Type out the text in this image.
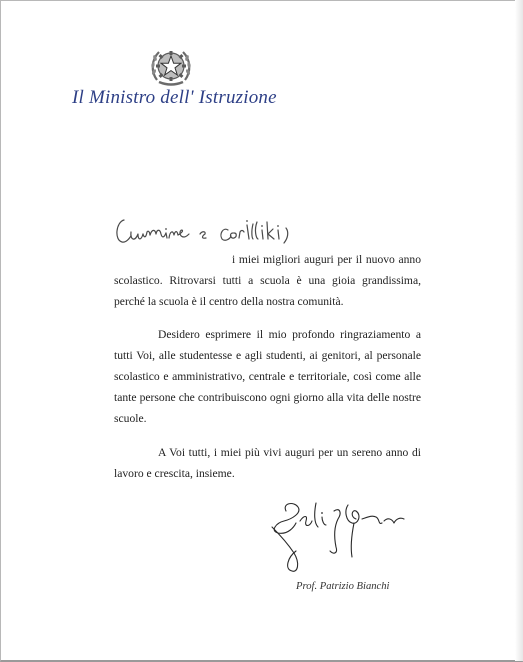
Il Ministro dell' Istruzione
i miei migliori auguri per il nuovo anno scolastico. Ritrovarsi tutti a scuola è una gioia grandissima, perché la scuola è il centro della nostra comunità.
Desidero esprimere il mio profondo ringraziamento a tutti Voi, alle studentesse e agli studenti, ai genitori, al personale scolastico e amministrativo, centrale e territoriale, così come alle tante persone che contribuiscono ogni giorno alla vita delle nostre scuole.
A Voi tutti, i miei più vivi auguri per un sereno anno di lavoro e crescita, insieme.
Prof. Patrizio Bianchi
